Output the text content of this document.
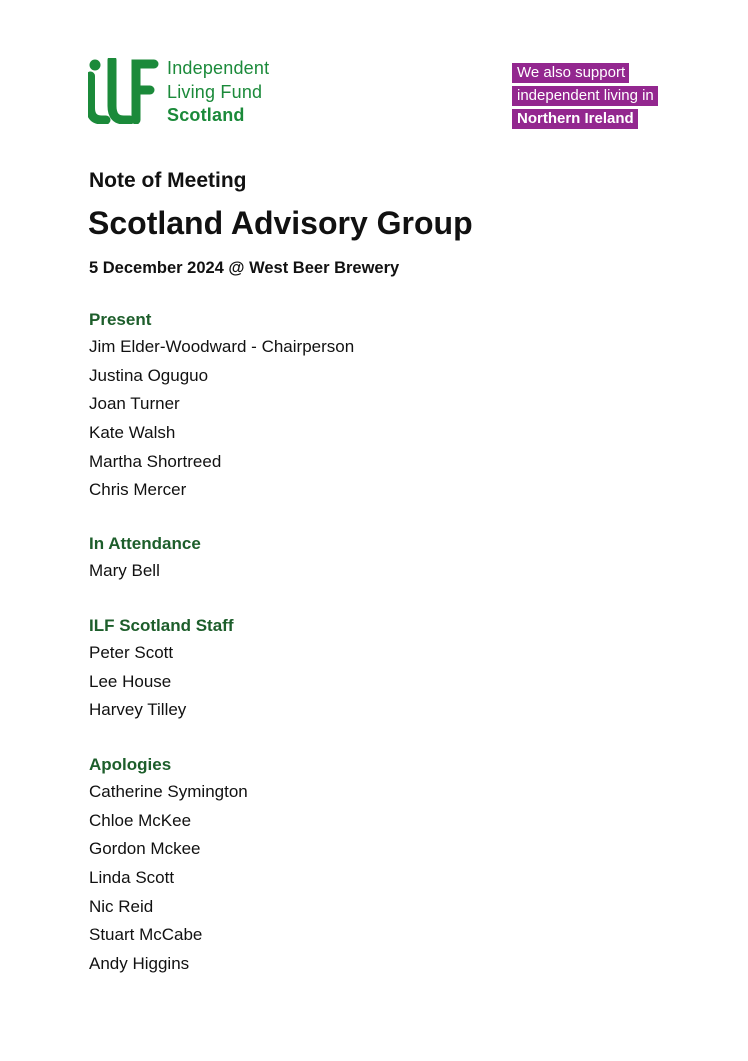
Independent
Living Fund
Scotland
We also support
independent living in
Northern Ireland
Note of Meeting
Scotland Advisory Group
5 December 2024 @ West Beer Brewery
Present
Jim Elder-Woodward - Chairperson
Justina Oguguo
Joan Turner
Kate Walsh
Martha Shortreed
Chris Mercer
In Attendance
Mary Bell
ILF Scotland Staff
Peter Scott
Lee House
Harvey Tilley
Apologies
Catherine Symington
Chloe McKee
Gordon Mckee
Linda Scott
Nic Reid
Stuart McCabe
Andy Higgins
